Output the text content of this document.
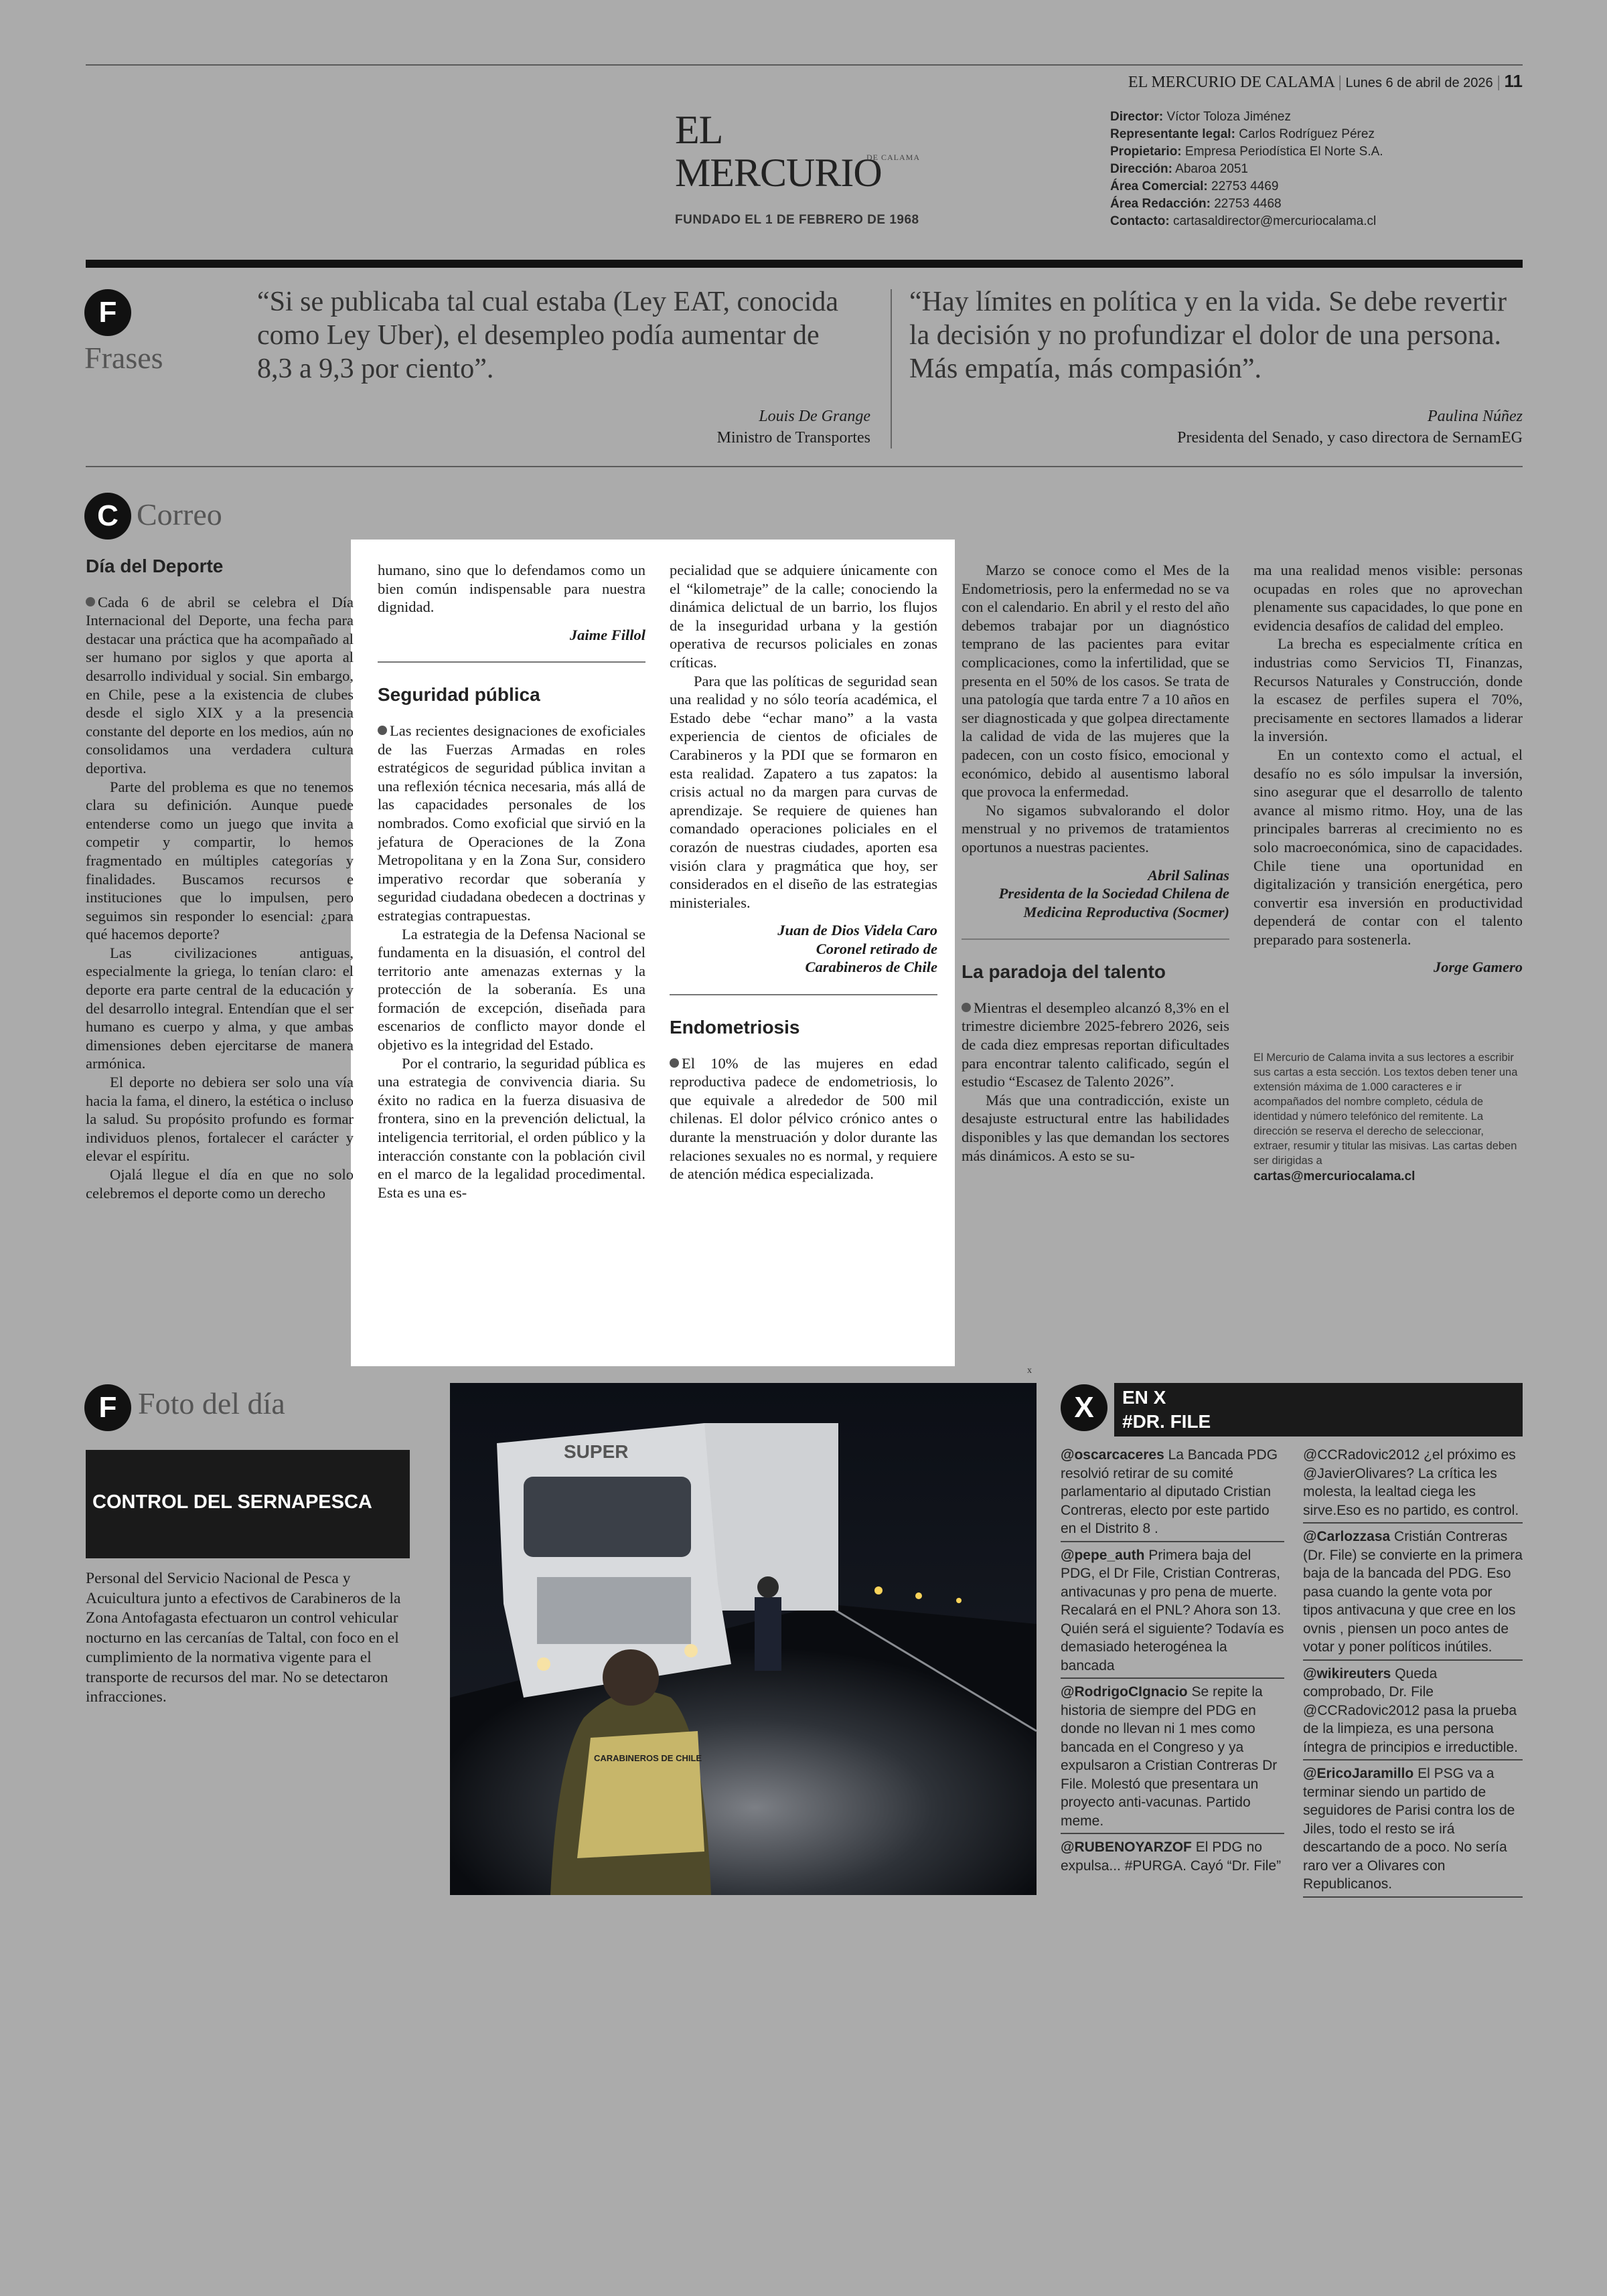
EL MERCURIO DE CALAMA | Lunes 6 de abril de 2026 | 11
EL MERCURIO
DE CALAMA
FUNDADO EL 1 DE FEBRERO DE 1968
Director: Víctor Toloza Jiménez
Representante legal: Carlos Rodríguez Pérez
Propietario: Empresa Periodística El Norte S.A.
Dirección: Abaroa 2051
Área Comercial: 22753 4469
Área Redacción: 22753 4468
Contacto: cartasaldirector@mercuriocalama.cl
F
Frases
“Si se publicaba tal cual estaba (Ley EAT, conocida como Ley Uber), el desempleo podía aumentar de 8,3 a 9,3 por ciento”.
Louis De Grange
Ministro de Transportes
“Hay límites en política y en la vida. Se debe revertir la decisión y no profundizar el dolor de una persona. Más empatía, más compasión”.
Paulina Núñez
Presidenta del Senado, y caso directora de SernamEG
C Correo
Día del Deporte

Cada 6 de abril se celebra el Día Internacional del Deporte, una fecha para destacar una práctica que ha acompañado al ser humano por siglos y que aporta al desarrollo individual y social. Sin embargo, en Chile, pese a la existencia de clubes desde el siglo XIX y a la presencia constante del deporte en los medios, aún no consolidamos una verdadera cultura deportiva.

Parte del problema es que no tenemos clara su definición. Aunque puede entenderse como un juego que invita a competir y compartir, lo hemos fragmentado en múltiples categorías y finalidades. Buscamos recursos e instituciones que lo impulsen, pero seguimos sin responder lo esencial: ¿para qué hacemos deporte?

Las civilizaciones antiguas, especialmente la griega, lo tenían claro: el deporte era parte central de la educación y del desarrollo integral. Entendían que el ser humano es cuerpo y alma, y que ambas dimensiones deben ejercitarse de manera armónica.

El deporte no debiera ser solo una vía hacia la fama, el dinero, la estética o incluso la salud. Su propósito profundo es formar individuos plenos, fortalecer el carácter y elevar el espíritu.

Ojalá llegue el día en que no solo celebremos el deporte como un derecho

humano, sino que lo defendamos como un bien común indispensable para nuestra dignidad.

Jaime Fillol

Seguridad pública

Las recientes designaciones de exoficiales de las Fuerzas Armadas en roles estratégicos de seguridad pública invitan a una reflexión técnica necesaria, más allá de las capacidades personales de los nombrados. Como exoficial que sirvió en la jefatura de Operaciones de la Zona Metropolitana y en la Zona Sur, considero imperativo recordar que soberanía y seguridad ciudadana obedecen a doctrinas y estrategias contrapuestas.

La estrategia de la Defensa Nacional se fundamenta en la disuasión, el control del territorio ante amenazas externas y la protección de la soberanía. Es una formación de excepción, diseñada para escenarios de conflicto mayor donde el objetivo es la integridad del Estado.

Por el contrario, la seguridad pública es una estrategia de convivencia diaria. Su éxito no radica en la fuerza disuasiva de frontera, sino en la prevención delictual, la inteligencia territorial, el orden público y la interacción constante con la población civil en el marco de la legalidad procedimental. Esta es una es-

pecialidad que se adquiere únicamente con el “kilometraje” de la calle; conociendo la dinámica delictual de un barrio, los flujos de la inseguridad urbana y la gestión operativa de recursos policiales en zonas críticas.

Para que las políticas de seguridad sean una realidad y no sólo teoría académica, el Estado debe “echar mano” a la vasta experiencia de cientos de oficiales de Carabineros y la PDI que se formaron en esta realidad. Zapatero a tus zapatos: la crisis actual no da margen para curvas de aprendizaje. Se requiere de quienes han comandado operaciones policiales en el corazón de nuestras ciudades, aporten esa visión clara y pragmática que hoy, ser considerados en el diseño de las estrategias ministeriales.

Juan de Dios Videla Caro
Coronel retirado de
Carabineros de Chile
Endometriosis

El 10% de las mujeres en edad reproductiva padece de endometriosis, lo que equivale a alrededor de 500 mil chilenas. El dolor pélvico crónico antes o durante la menstruación y dolor durante las relaciones sexuales no es normal, y requiere de atención médica especializada.

Marzo se conoce como el Mes de la Endometriosis, pero la enfermedad no se va con el calendario. En abril y el resto del año debemos trabajar por un diagnóstico temprano de las pacientes para evitar complicaciones, como la infertilidad, que se presenta en el 50% de los casos. Se trata de una patología que tarda entre 7 a 10 años en ser diagnosticada y que golpea directamente la calidad de vida de las mujeres que la padecen, con un costo físico, emocional y económico, debido al ausentismo laboral que provoca la enfermedad.

No sigamos subvalorando el dolor menstrual y no privemos de tratamientos oportunos a nuestras pacientes.

Abril Salinas
Presidenta de la Sociedad Chilena de
Medicina Reproductiva (Socmer)
La paradoja del talento

Mientras el desempleo alcanzó 8,3% en el trimestre diciembre 2025-febrero 2026, seis de cada diez empresas reportan dificultades para encontrar talento calificado, según el estudio “Escasez de Talento 2026”.

Más que una contradicción, existe un desajuste estructural entre las habilidades disponibles y las que demandan los sectores más dinámicos. A esto se su-

ma una realidad menos visible: personas ocupadas en roles que no aprovechan plenamente sus capacidades, lo que pone en evidencia desafíos de calidad del empleo.

La brecha es especialmente crítica en industrias como Servicios TI, Finanzas, Recursos Naturales y Construcción, donde la escasez de perfiles supera el 70%, precisamente en sectores llamados a liderar la inversión.

En un contexto como el actual, el desafío no es sólo impulsar la inversión, sino asegurar que el desarrollo de talento avance al mismo ritmo. Hoy, una de las principales barreras al crecimiento no es solo macroeconómica, sino de capacidades. Chile tiene una oportunidad en digitalización y transición energética, pero convertir esa inversión en productividad dependerá de contar con el talento preparado para sostenerla.

Jorge Gamero

El Mercurio de Calama invita a sus lectores a escribir sus cartas a esta sección. Los textos deben tener una extensión máxima de 1.000 caracteres e ir acompañados del nombre completo, cédula de identidad y número telefónico del remitente. La dirección se reserva el derecho de seleccionar, extraer, resumir y titular las misivas. Las cartas deben ser dirigidas a
cartas@mercuriocalama.cl
F Foto del día
CONTROL DEL SERNAPESCA
Personal del Servicio Nacional de Pesca y Acuicultura junto a efectivos de Carabineros de la Zona Antofagasta efectuaron un control vehicular nocturno en las cercanías de Taltal, con foco en el cumplimiento de la normativa vigente para el transporte de recursos del mar. No se detectaron infracciones.
x
SUPER
CARABINEROS DE CHILE
X	EN X
#DR. FILE
@oscarcaceres La Bancada PDG resolvió retirar de su comité parlamentario al diputado Cristian Contreras, electo por este partido en el Distrito 8 .
@pepe_auth Primera baja del PDG, el Dr File, Cristian Contreras, antivacunas y pro pena de muerte. Recalará en el PNL? Ahora son 13. Quién será el siguiente? Todavía es demasiado heterogénea la bancada
@RodrigoCIgnacio Se repite la historia de siempre del PDG en donde no llevan ni 1 mes como bancada en el Congreso y ya expulsaron a Cristian Contreras Dr File. Molestó que presentara un proyecto anti-vacunas. Partido meme.
@RUBENOYARZOF El PDG no expulsa... #PURGA. Cayó “Dr. File”
@CCRadovic2012 ¿el próximo es @JavierOlivares? La crítica les molesta, la lealtad ciega les sirve.Eso es no partido, es control.
@Carlozzasa Cristián Contreras (Dr. File) se convierte en la primera baja de la bancada del PDG. Eso pasa cuando la gente vota por tipos antivacuna y que cree en los ovnis , piensen un poco antes de votar y poner políticos inútiles.
@wikireuters Queda comprobado, Dr. File @CCRadovic2012 pasa la prueba de la limpieza, es una persona íntegra de principios e irreductible.
@EricoJaramillo El PSG va a terminar siendo un partido de seguidores de Parisi contra los de Jiles, todo el resto se irá descartando de a poco. No sería raro ver a Olivares con Republicanos.
